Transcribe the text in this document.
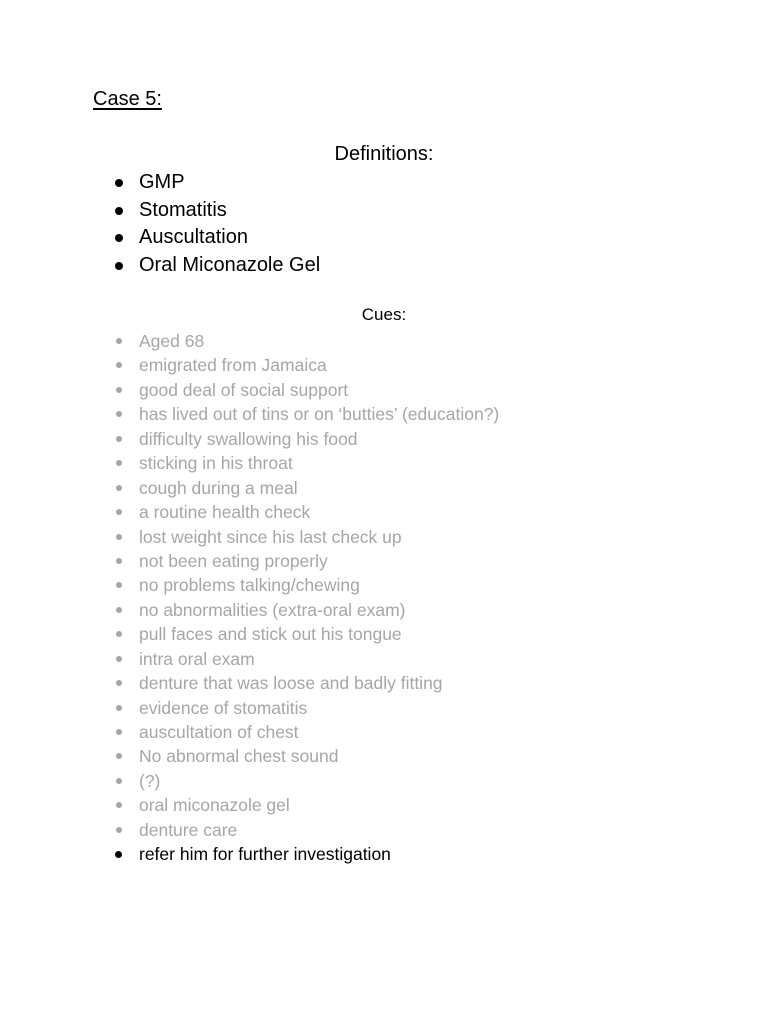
Case 5:
Definitions:
GMP
Stomatitis
Auscultation
Oral Miconazole Gel
Cues:
Aged 68
emigrated from Jamaica
good deal of social support
has lived out of tins or on ‘butties’ (education?)
difficulty swallowing his food
sticking in his throat
cough during a meal
a routine health check
lost weight since his last check up
not been eating properly
no problems talking/chewing
no abnormalities (extra-oral exam)
pull faces and stick out his tongue
intra oral exam
denture that was loose and badly fitting
evidence of stomatitis
auscultation of chest
No abnormal chest sound
(?)
oral miconazole gel
denture care
refer him for further investigation
